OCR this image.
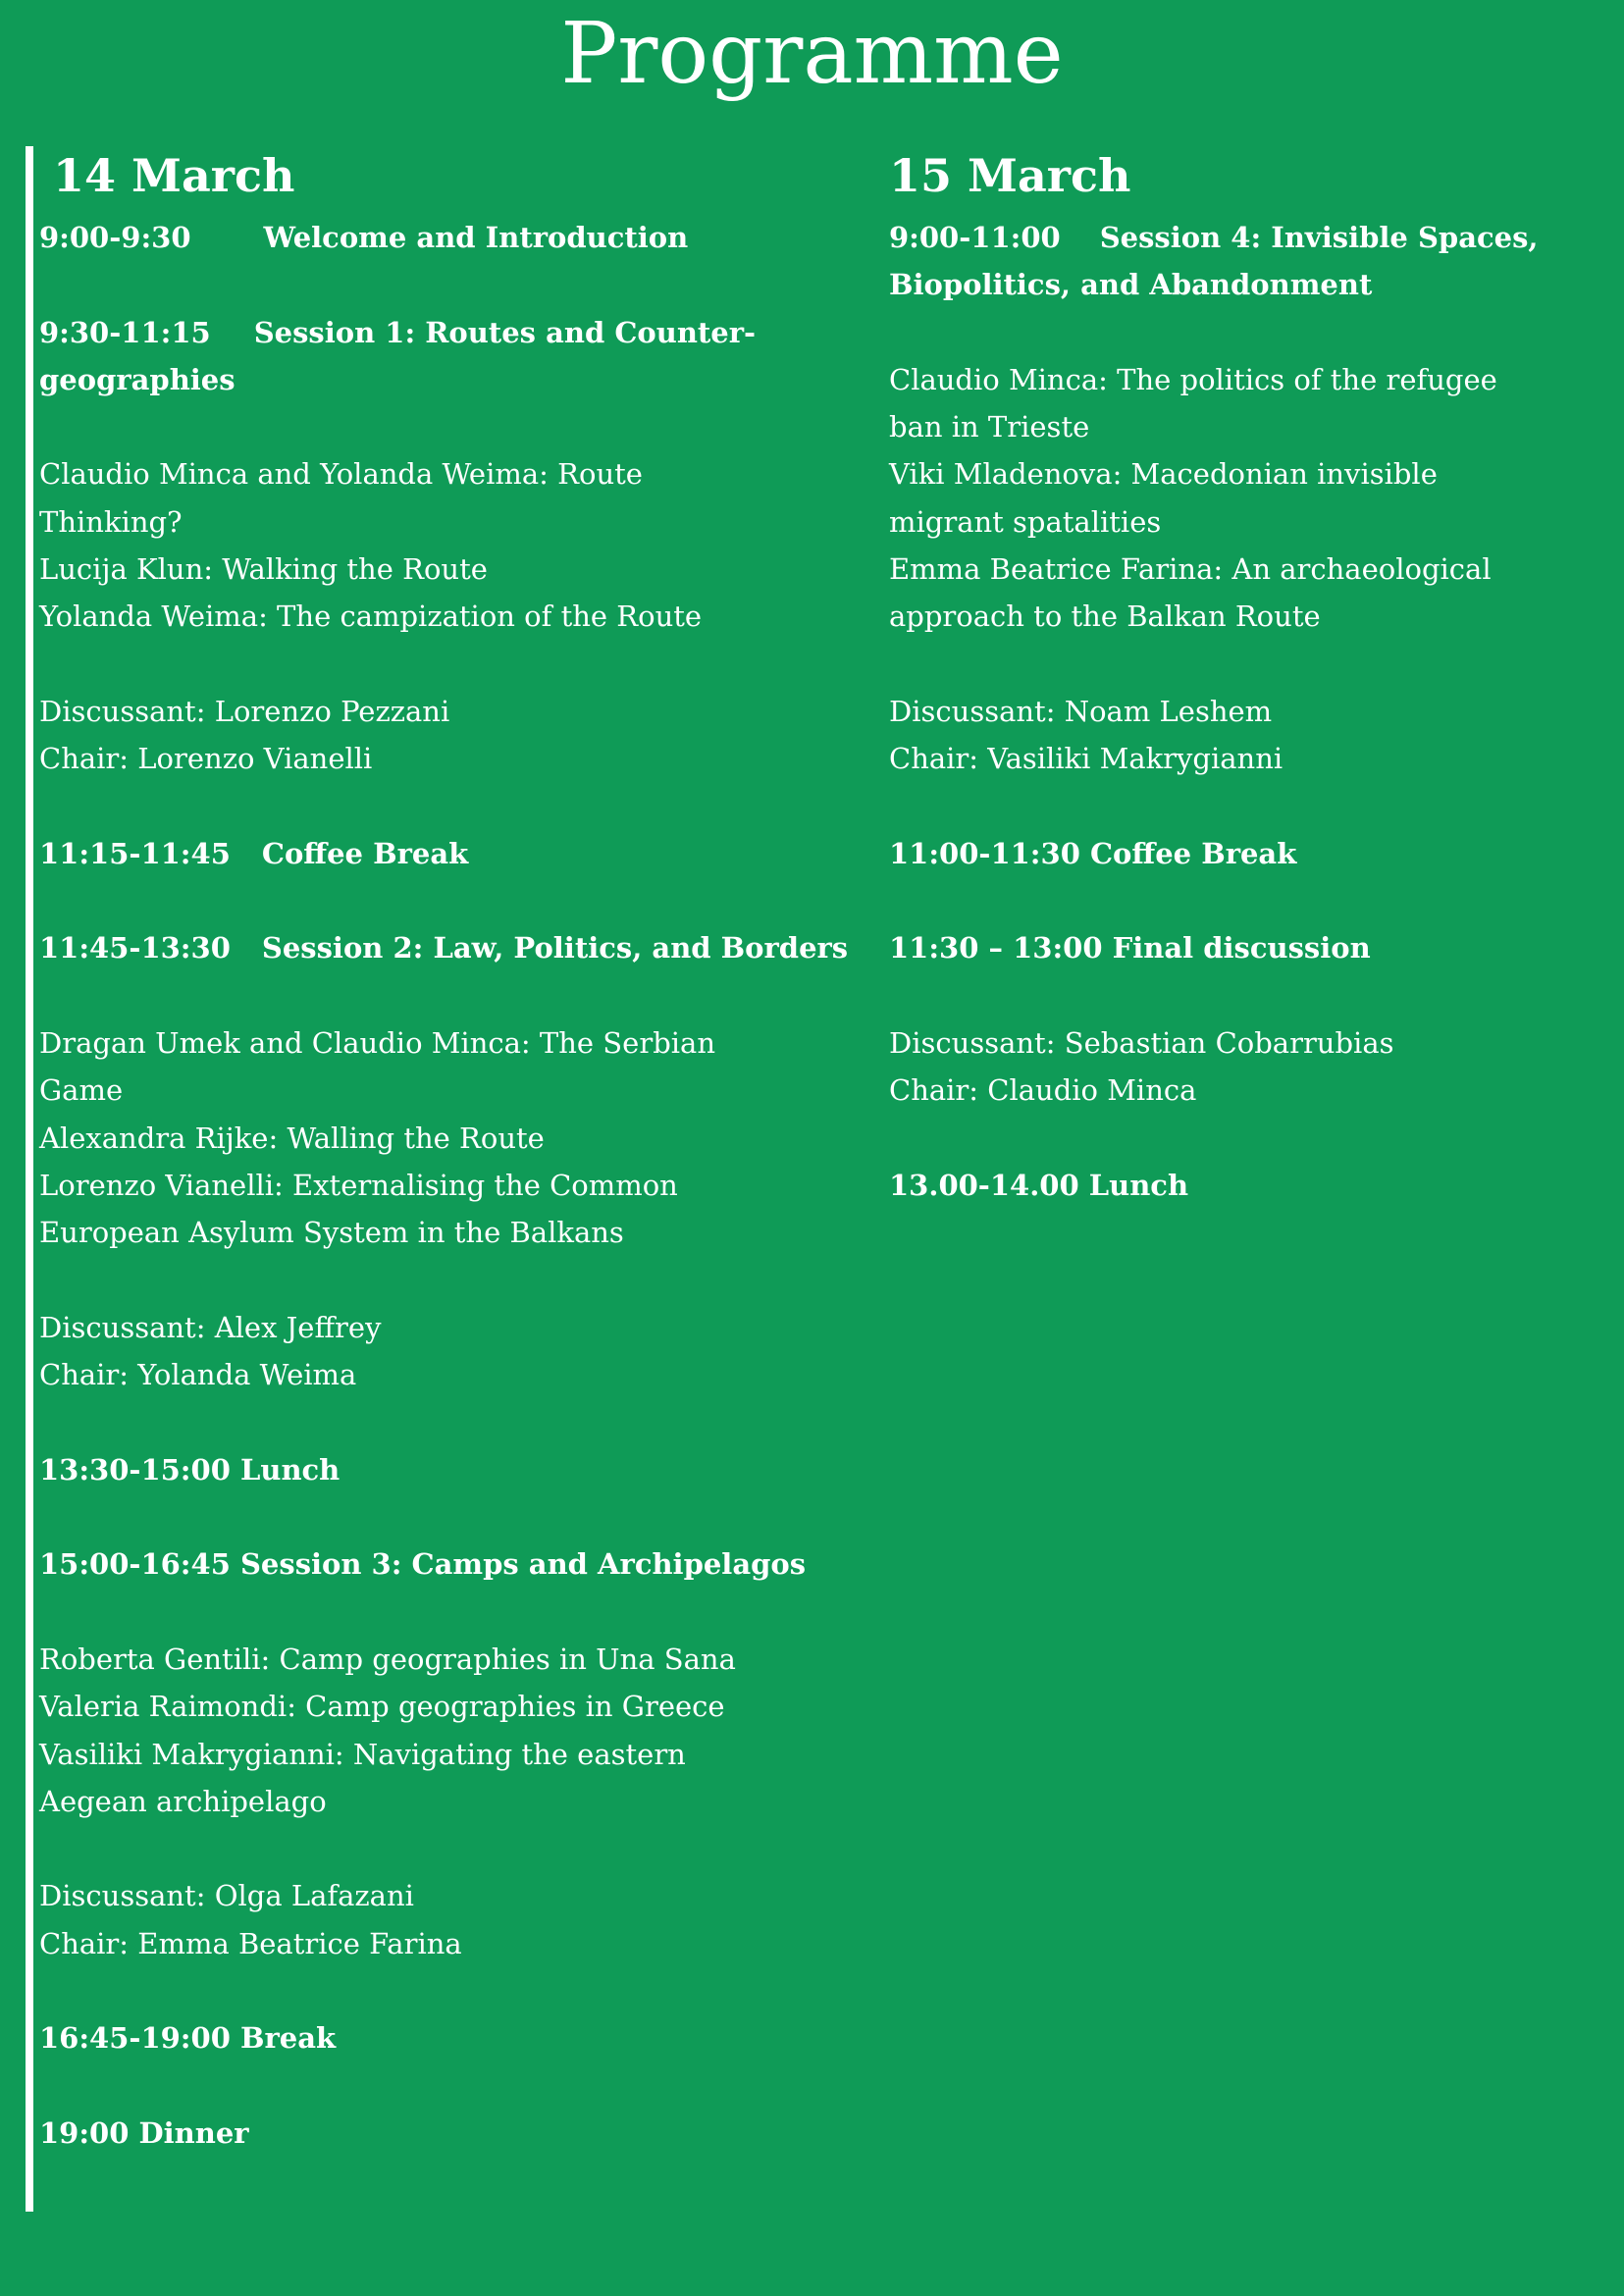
Programme
14 March
9:00-9:30	Welcome and Introduction
9:30-11:15 Session 1: Routes and Counter-
geographies
Claudio Minca and Yolanda Weima: Route
Thinking?
Lucija Klun: Walking the Route
Yolanda Weima: The campization of the Route
Discussant: Lorenzo Pezzani
Chair: Lorenzo Vianelli
11:15-11:45 Coffee Break
11:45-13:30 Session 2: Law, Politics, and Borders
Dragan Umek and Claudio Minca: The Serbian
Game
Alexandra Rijke: Walling the Route
Lorenzo Vianelli: Externalising the Common
European Asylum System in the Balkans
Discussant: Alex Jeffrey
Chair: Yolanda Weima
13:30-15:00 Lunch
15:00-16:45 Session 3: Camps and Archipelagos
Roberta Gentili: Camp geographies in Una Sana
Valeria Raimondi: Camp geographies in Greece
Vasiliki Makrygianni: Navigating the eastern
Aegean archipelago
Discussant: Olga Lafazani
Chair: Emma Beatrice Farina
16:45-19:00 Break
19:00 Dinner
15 March
9:00-11:00 Session 4: Invisible Spaces,
Biopolitics, and Abandonment
Claudio Minca: The politics of the refugee
ban in Trieste
Viki Mladenova: Macedonian invisible
migrant spatalities
Emma Beatrice Farina: An archaeological
approach to the Balkan Route
Discussant: Noam Leshem
Chair: Vasiliki Makrygianni
11:00-11:30 Coffee Break
11:30 – 13:00 Final discussion
Discussant: Sebastian Cobarrubias
Chair: Claudio Minca
13.00-14.00 Lunch
